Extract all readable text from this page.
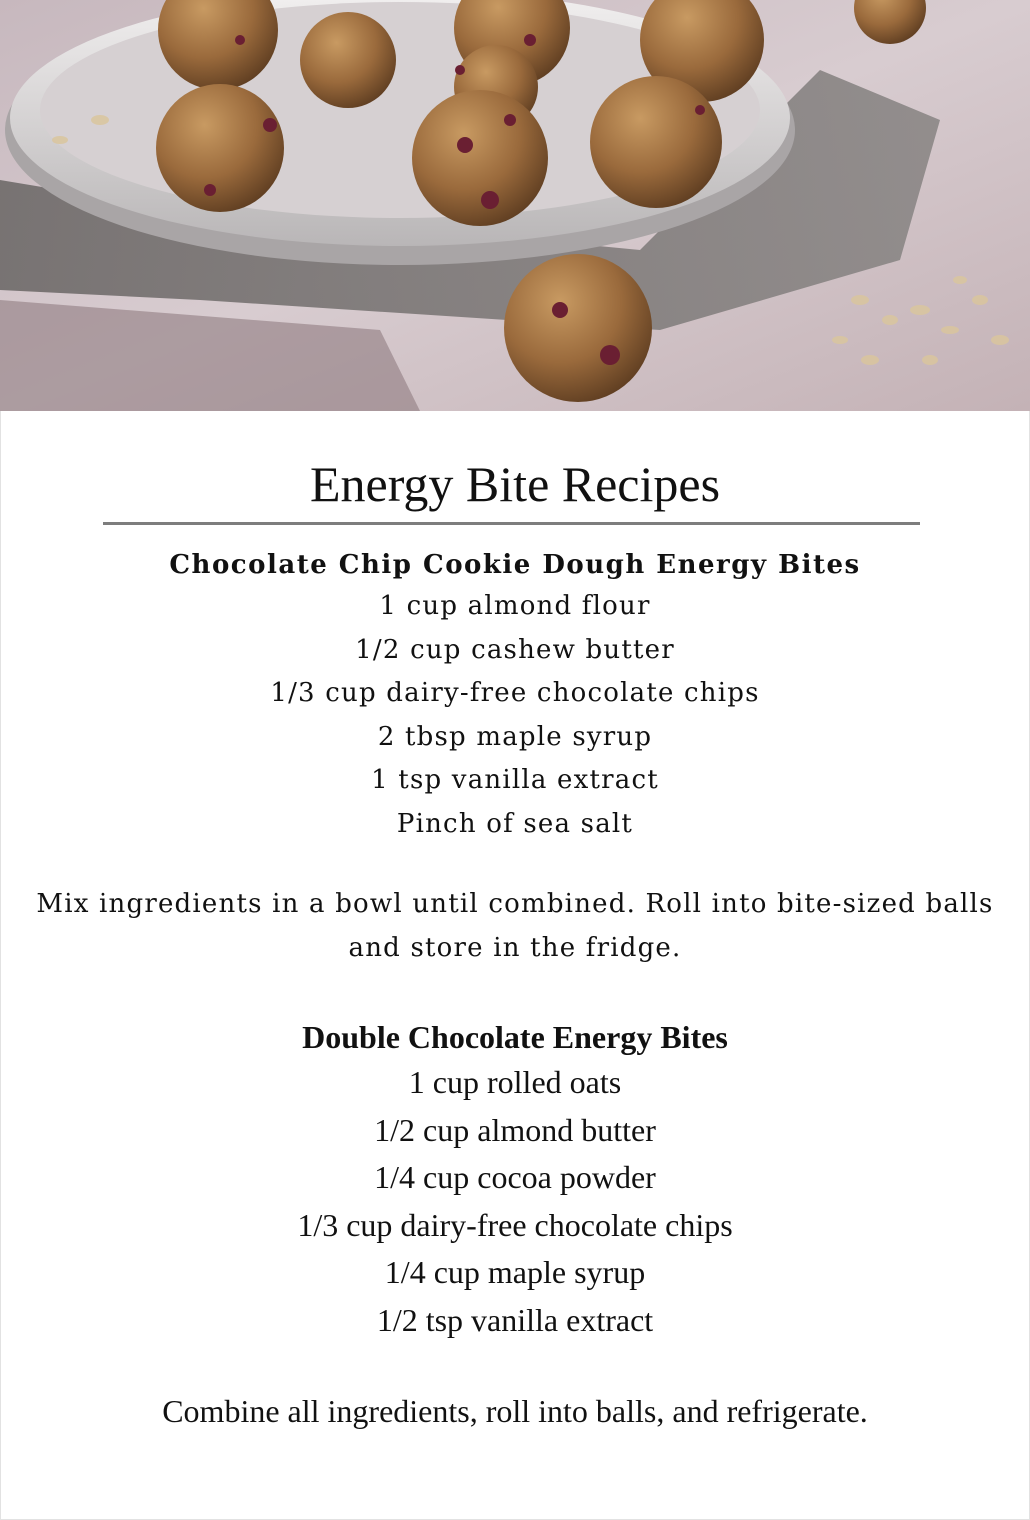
Energy Bite Recipes
Chocolate Chip Cookie Dough Energy Bites
1 cup almond flour
1/2 cup cashew butter
1/3 cup dairy-free chocolate chips
2 tbsp maple syrup
1 tsp vanilla extract
Pinch of sea salt
Mix ingredients in a bowl until combined. Roll into bite-sized balls and store in the fridge.
Double Chocolate Energy Bites
1 cup rolled oats
1/2 cup almond butter
1/4 cup cocoa powder
1/3 cup dairy-free chocolate chips
1/4 cup maple syrup
1/2 tsp vanilla extract
Combine all ingredients, roll into balls, and refrigerate.
